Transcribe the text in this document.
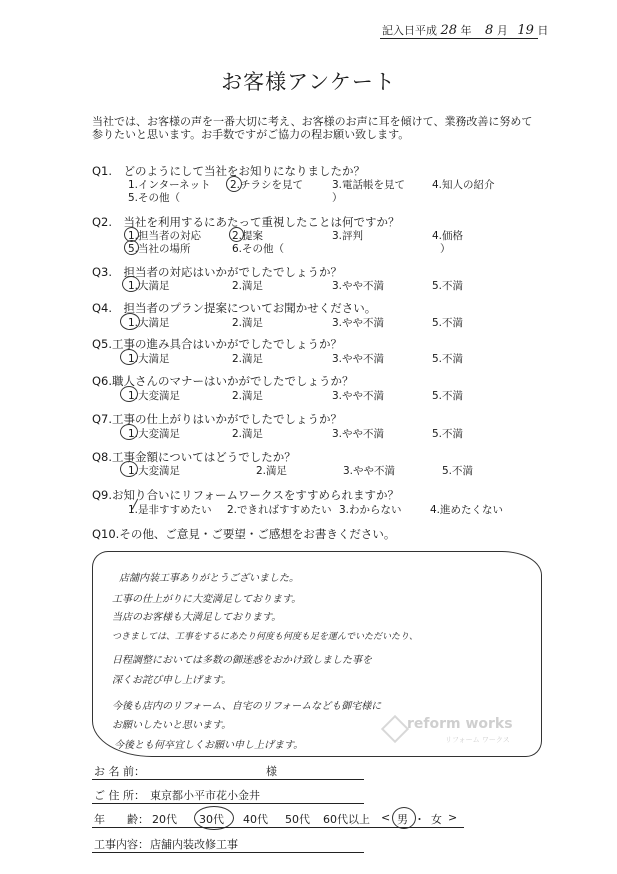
記入日平成 28 年 8 月 19 日
お客様アンケート
当社では、お客様の声を一番大切に考え、お客様のお声に耳を傾けて、業務改善に努めて
参りたいと思います。お手数ですがご協力の程お願い致します。
Q1.　どのようにして当社をお知りになりましたか？
1.インターネット 2.チラシを見て	3.電話帳を見て	4.知人の紹介
5.その他（	）
Q2.　当社を利用するにあたって重視したことは何ですか？
1.担当者の対応	2.提案	3.評判	4.価格
5.当社の場所	6.その他（	）
Q3.　担当者の対応はいかがでしたでしょうか？
1.大満足	2.満足	3.やや不満	5.不満
Q4.　担当者のプラン提案についてお聞かせください。
1.大満足	2.満足	3.やや不満	5.不満
Q5.工事の進み具合はいかがでしたでしょうか？
1.大満足	2.満足	3.やや不満	5.不満
Q6.職人さんのマナーはいかがでしたでしょうか？
1.大変満足	2.満足	3.やや不満	5.不満
Q7.工事の仕上がりはいかがでしたでしょうか？
1.大変満足	2.満足	3.やや不満	5.不満
Q8.工事金額についてはどうでしたか？
1.大変満足	2.満足	3.やや不満	5.不満
Q9.お知り合いにリフォームワークスをすすめられますか？
1.是非すすめたい 2.できればすすめたい 3.わからない	4.進めたくない
Q10.その他、ご意見・ご要望・ご感想をお書きください。
店舗内装工事ありがとうございました。
工事の仕上がりに大変満足しております。
当店のお客様も大満足しております。
つきましては、工事をするにあたり何度も何度も足を運んでいただいたり、
日程調整においては多数の御迷惑をおかけ致しました事を
深くお詫び申し上げます。
今後も店内のリフォーム、自宅のリフォームなども御宅様に
お願いしたいと思います。
今後とも何卒宜しくお願い申し上げます。
reform works
リフォーム ワークス
お 名 前：	様
ご 住 所： 東京都小平市花小金井
年　　齢： 20代 30代 40代 50代 60代以上 < 男 ・ 女 >
工事内容： 店舗内装改修工事
